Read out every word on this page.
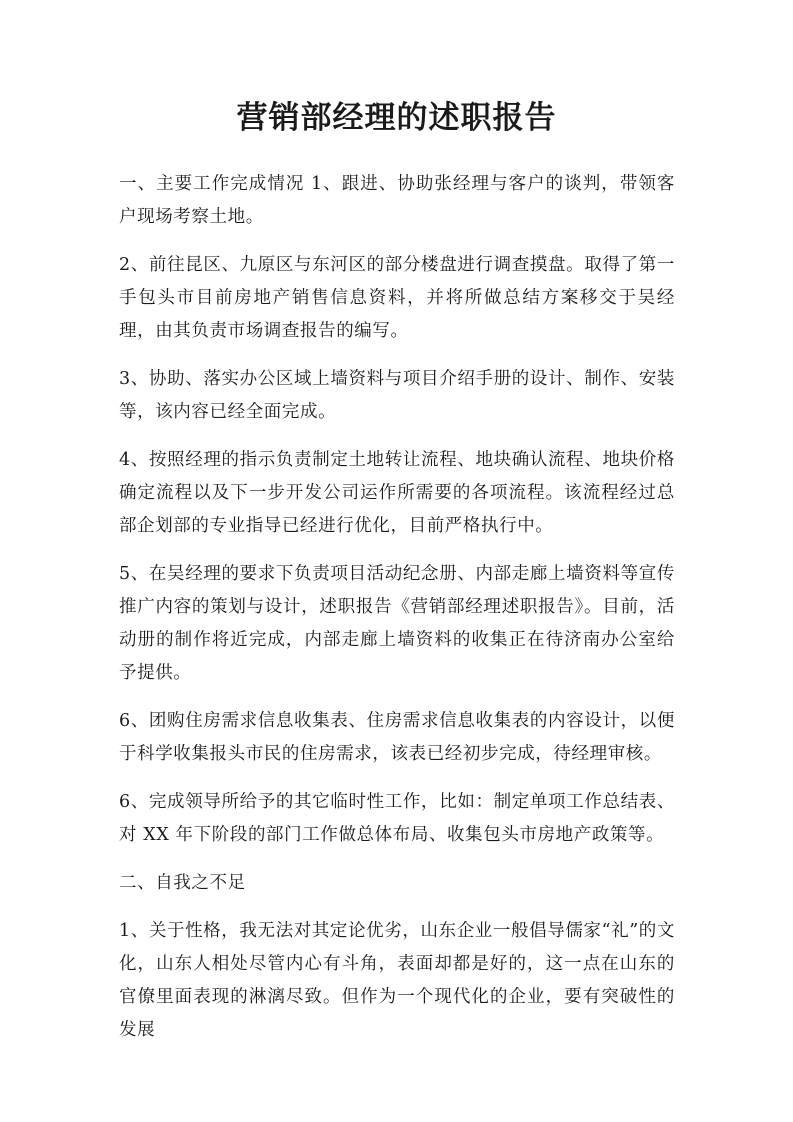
营销部经理的述职报告

一、主要工作完成情况 1、跟进、协助张经理与客户的谈判，带领客户现场考察土地。

2、前往昆区、九原区与东河区的部分楼盘进行调查摸盘。取得了第一手包头市目前房地产销售信息资料，并将所做总结方案移交于吴经理，由其负责市场调查报告的编写。

3、协助、落实办公区域上墙资料与项目介绍手册的设计、制作、安装等，该内容已经全面完成。

4、按照经理的指示负责制定土地转让流程、地块确认流程、地块价格确定流程以及下一步开发公司运作所需要的各项流程。该流程经过总部企划部的专业指导已经进行优化，目前严格执行中。

5、在吴经理的要求下负责项目活动纪念册、内部走廊上墙资料等宣传推广内容的策划与设计，述职报告《营销部经理述职报告》。目前，活动册的制作将近完成，内部走廊上墙资料的收集正在待济南办公室给予提供。

6、团购住房需求信息收集表、住房需求信息收集表的内容设计，以便于科学收集报头市民的住房需求，该表已经初步完成，待经理审核。

6、完成领导所给予的其它临时性工作，比如：制定单项工作总结表、对 XX 年下阶段的部门工作做总体布局、收集包头市房地产政策等。

二、自我之不足

1、关于性格，我无法对其定论优劣，山东企业一般倡导儒家“礼”的文化，山东人相处尽管内心有斗角，表面却都是好的，这一点在山东的官僚里面表现的淋漓尽致。但作为一个现代化的企业，要有突破性的发展
